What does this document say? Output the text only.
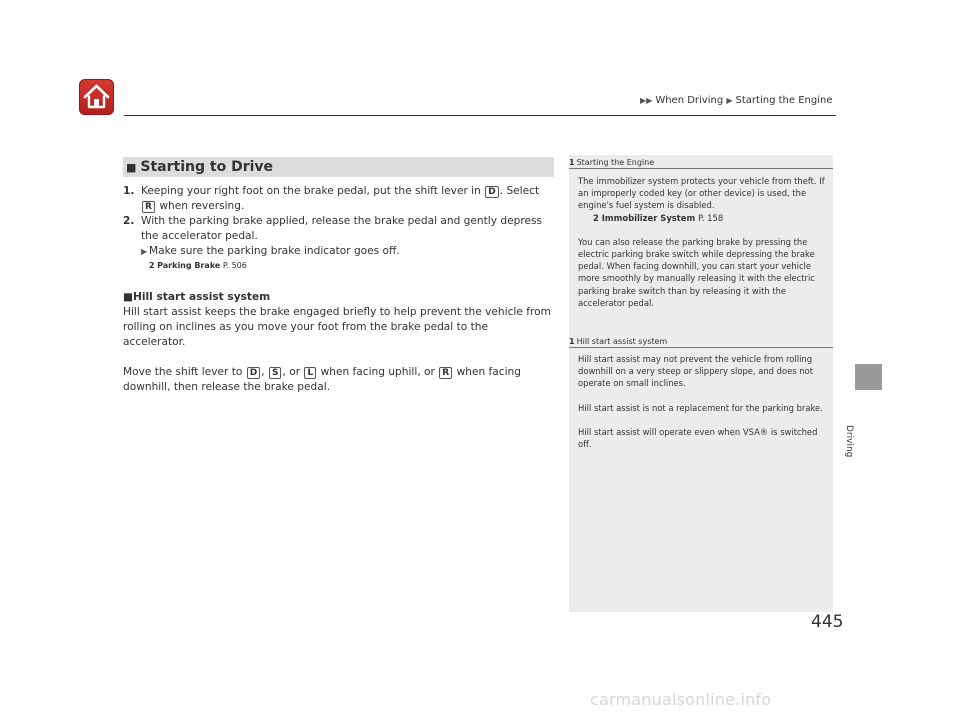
▶▶ When Driving ▶ Starting the Engine
Driving
■ Starting to Drive

1. Keeping your right foot on the brake pedal, put the shift lever in D . Select R when reversing.

2. With the parking brake applied, release the brake pedal and gently depress the accelerator pedal.

▶ Make sure the parking brake indicator goes off.
2 Parking Brake P. 506
■Hill start assist system

Hill start assist keeps the brake engaged briefly to help prevent the vehicle from rolling on inclines as you move your foot from the brake pedal to the accelerator.

Move the shift lever to D , S , or L when facing uphill, or R when facing downhill, then release the brake pedal.

1 Starting the Engine

The immobilizer system protects your vehicle from theft. If an improperly coded key (or other device) is used, the engine's fuel system is disabled.

2 Immobilizer System P. 158

You can also release the parking brake by pressing the electric parking brake switch while depressing the brake pedal. When facing downhill, you can start your vehicle more smoothly by manually releasing it with the electric parking brake switch than by releasing it with the accelerator pedal.

1 Hill start assist system

Hill start assist may not prevent the vehicle from rolling downhill on a very steep or slippery slope, and does not operate on small inclines.

Hill start assist is not a replacement for the parking brake.

Hill start assist will operate even when VSA® is switched off.

445
carmanualsonline.info
